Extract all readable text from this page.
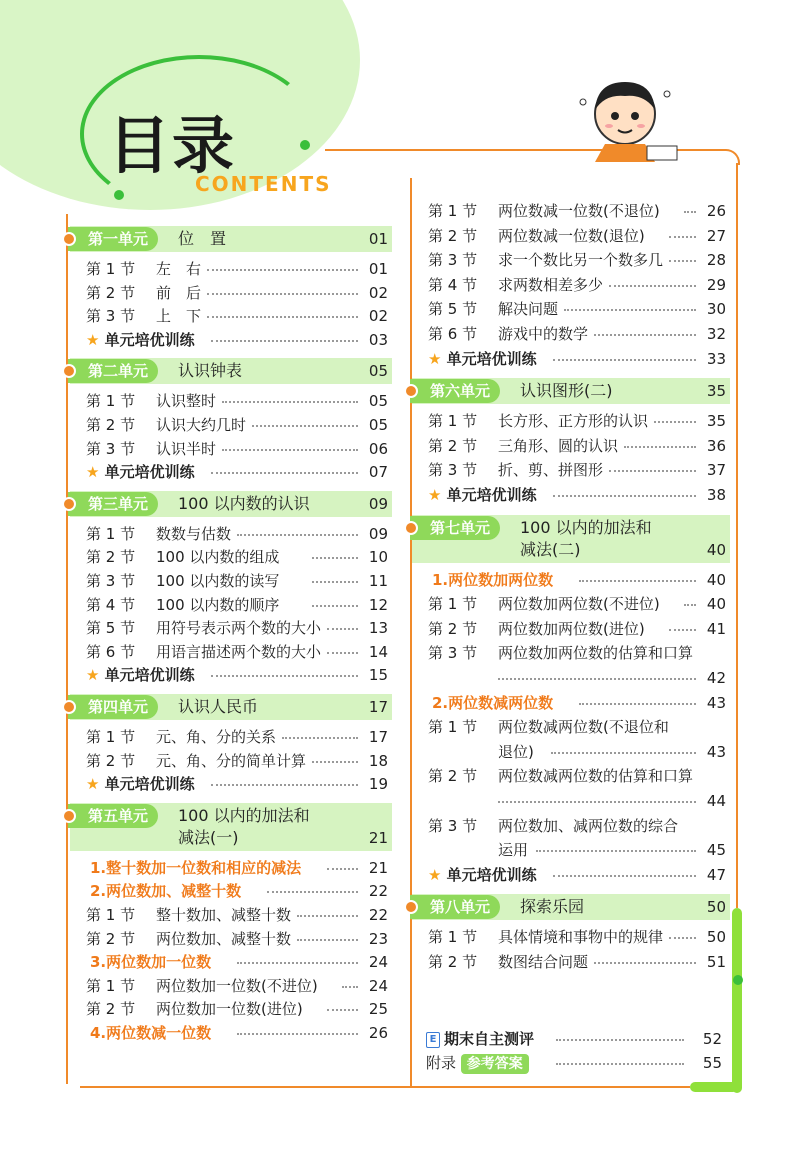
目录
CONTENTS
第一单元	位　置	01
第 1 节 左　右	01
第 2 节 前　后	02
第 3 节 上　下	02
★ 单元培优训练	03
第二单元	认识钟表	05
第 1 节 认识整时	05
第 2 节 认识大约几时	05
第 3 节 认识半时	06
★ 单元培优训练	07
第三单元	100 以内数的认识	09
第 1 节 数数与估数	09
第 2 节 100 以内数的组成	10
第 3 节 100 以内数的读写	11
第 4 节 100 以内数的顺序	12
第 5 节 用符号表示两个数的大小	13
第 6 节 用语言描述两个数的大小	14
★ 单元培优训练	15
第四单元	认识人民币	17
第 1 节 元、角、分的关系	17
第 2 节 元、角、分的简单计算	18
★ 单元培优训练	19
第五单元	100 以内的加法和
减法(一)	21
1.整十数加一位数和相应的减法	21
2.两位数加、减整十数	22
第 1 节 整十数加、减整十数	22
第 2 节 两位数加、减整十数	23
3.两位数加一位数	24
第 1 节 两位数加一位数(不进位)	24
第 2 节 两位数加一位数(进位)	25
4.两位数减一位数	26
第 1 节 两位数减一位数(不退位)	26
第 2 节 两位数减一位数(退位)	27
第 3 节 求一个数比另一个数多几	28
第 4 节 求两数相差多少	29
第 5 节 解决问题	30
第 6 节 游戏中的数学	32
★ 单元培优训练	33
第六单元	认识图形(二)	35
第 1 节 长方形、正方形的认识	35
第 2 节 三角形、圆的认识	36
第 3 节 折、剪、拼图形	37
★ 单元培优训练	38
第七单元	100 以内的加法和
减法(二)	40
1.两位数加两位数	40
第 1 节 两位数加两位数(不进位)	40
第 2 节 两位数加两位数(进位)	41
第 3 节 两位数加两位数的估算和口算
42
2.两位数减两位数	43
第 1 节 两位数减两位数(不退位和
退位)	43
第 2 节 两位数减两位数的估算和口算
44
第 3 节 两位数加、减两位数的综合
运用	45
★ 单元培优训练	47
第八单元	探索乐园	50
第 1 节 具体情境和事物中的规律	50
第 2 节 数图结合问题	51
E 期末自主测评	52
附录 参考答案	55
